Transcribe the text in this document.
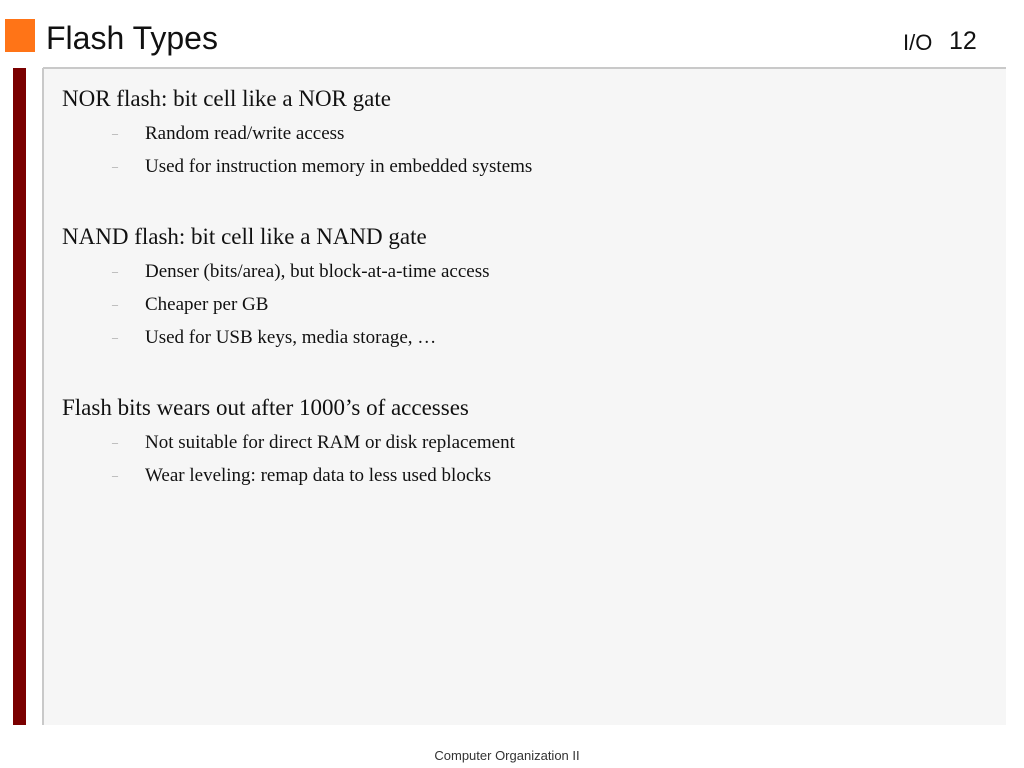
Flash Types	I/O 12
NOR flash: bit cell like a NOR gate
– Random read/write access
– Used for instruction memory in embedded systems
NAND flash: bit cell like a NAND gate
– Denser (bits/area), but block-at-a-time access
– Cheaper per GB
– Used for USB keys, media storage, …
Flash bits wears out after 1000’s of accesses
– Not suitable for direct RAM or disk replacement
– Wear leveling: remap data to less used blocks
Computer Organization II
